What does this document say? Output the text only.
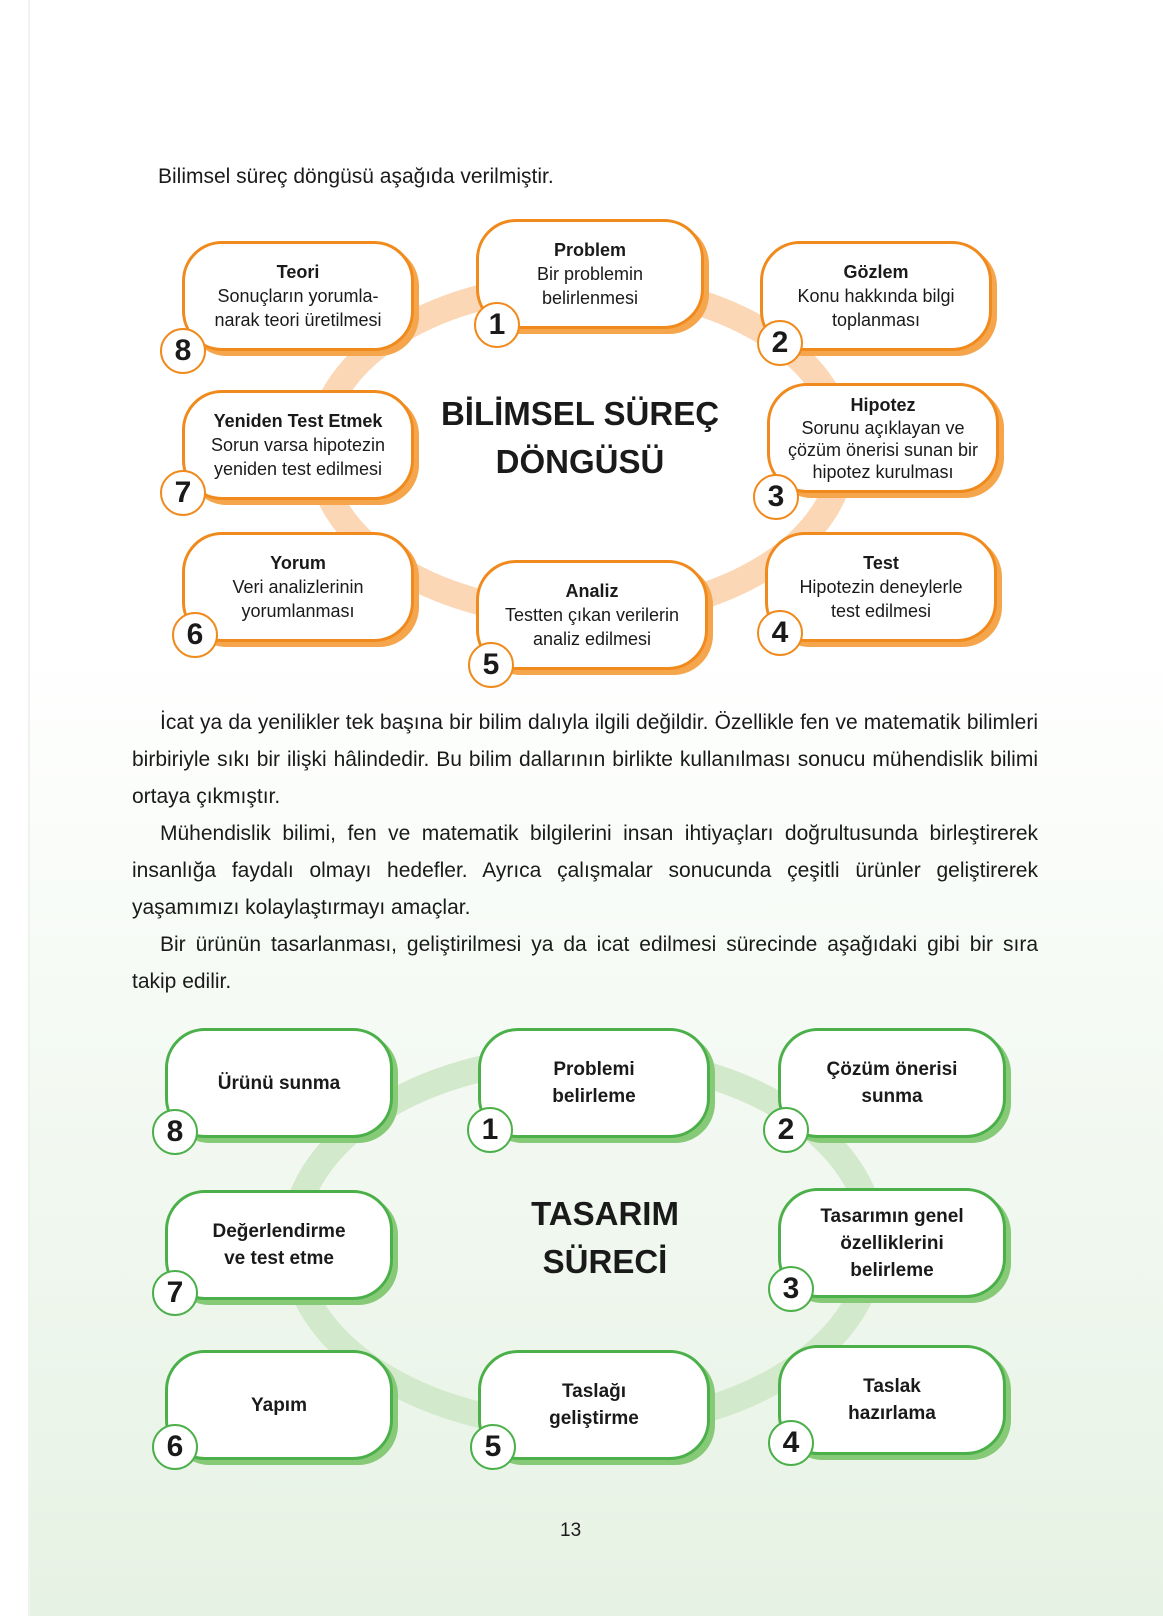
Bilimsel süreç döngüsü aşağıda verilmiştir.
BİLİMSEL SÜREÇ
DÖNGÜSÜ
Problem
Bir problemin
belirlenmesi
1
Gözlem
Konu hakkında bilgi
toplanması
2
Hipotez
Sorunu açıklayan ve
çözüm önerisi sunan bir
hipotez kurulması
3
Test
Hipotezin deneylerle
test edilmesi
4
Analiz
Testten çıkan verilerin
analiz edilmesi
5
Yorum
Veri analizlerinin
yorumlanması
6
Yeniden Test Etmek
Sorun varsa hipotezin
yeniden test edilmesi
7
Teori
Sonuçların yorumla-
narak teori üretilmesi
8

İcat ya da yenilikler tek başına bir bilim dalıyla ilgili değildir. Özellikle fen ve matematik bilimleri birbiriyle sıkı bir ilişki hâlindedir. Bu bilim dallarının birlikte kullanılması sonucu mühendislik bilimi ortaya çıkmıştır.

Mühendislik bilimi, fen ve matematik bilgilerini insan ihtiyaçları doğrultusunda birleştirerek insanlığa faydalı olmayı hedefler. Ayrıca çalışmalar sonucunda çeşitli ürünler geliştirerek yaşamımızı kolaylaştırmayı amaçlar.

Bir ürünün tasarlanması, geliştirilmesi ya da icat edilmesi sürecinde aşağıdaki gibi bir sıra takip edilir.

TASARIM
SÜRECİ
Problemi
belirleme
1
Çözüm önerisi
sunma
2
Tasarımın genel
özelliklerini
belirleme
3
Taslak
hazırlama
4
Taslağı
geliştirme
5
Yapım
6
Değerlendirme
ve test etme
7
Ürünü sunma
8
13
